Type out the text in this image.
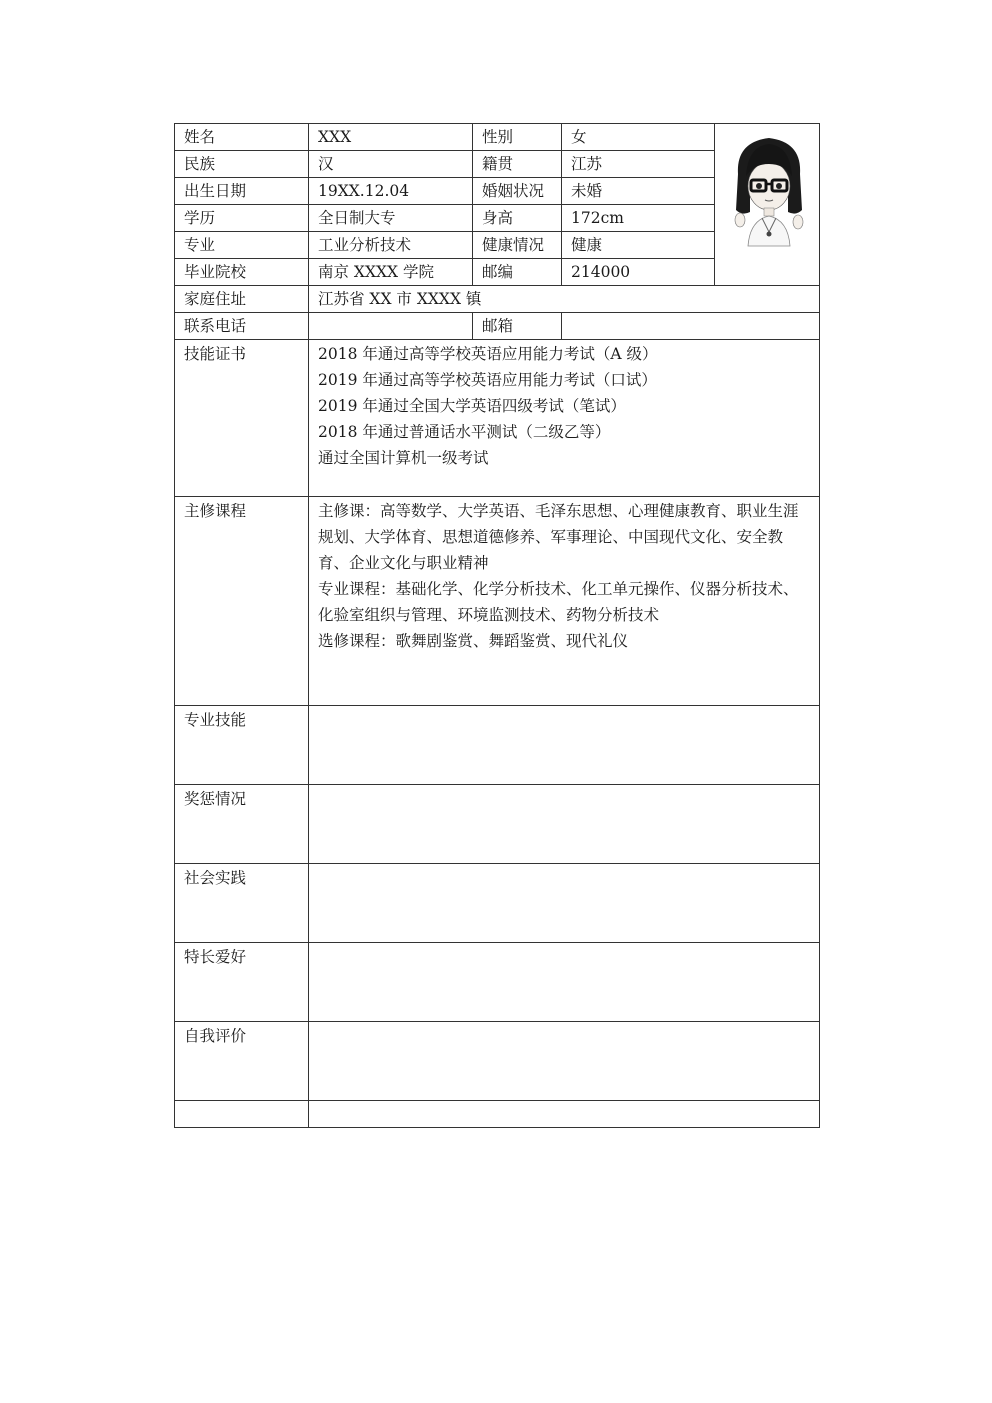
姓名	XXX	性别	女	
民族	汉	籍贯	江苏	
出生日期	19XX.12.04	婚姻状况	未婚	
学历	全日制大专	身高	172cm	
专业	工业分析技术	健康情况	健康	
毕业院校	南京 XXXX 学院	邮编	214000	
家庭住址	江苏省 XX 市 XXXX 镇			
联系电话		邮箱		
技能证书	2018 年通过高等学校英语应用能力考试（A 级）
2019 年通过高等学校英语应用能力考试（口试）
2019 年通过全国大学英语四级考试（笔试）
2018 年通过普通话水平测试（二级乙等）
通过全国计算机一级考试			

主修课程	主修课：高等数学、大学英语、毛泽东思想、心理健康教育、职业生涯规划、大学体育、思想道德修养、军事理论、中国现代文化、安全教育、企业文化与职业精神
专业课程：基础化学、化学分析技术、化工单元操作、仪器分析技术、化验室组织与管理、环境监测技术、药物分析技术
选修课程：歌舞剧鉴赏、舞蹈鉴赏、现代礼仪			

专业技能				
奖惩情况				
社会实践				
特长爱好				
自我评价				
